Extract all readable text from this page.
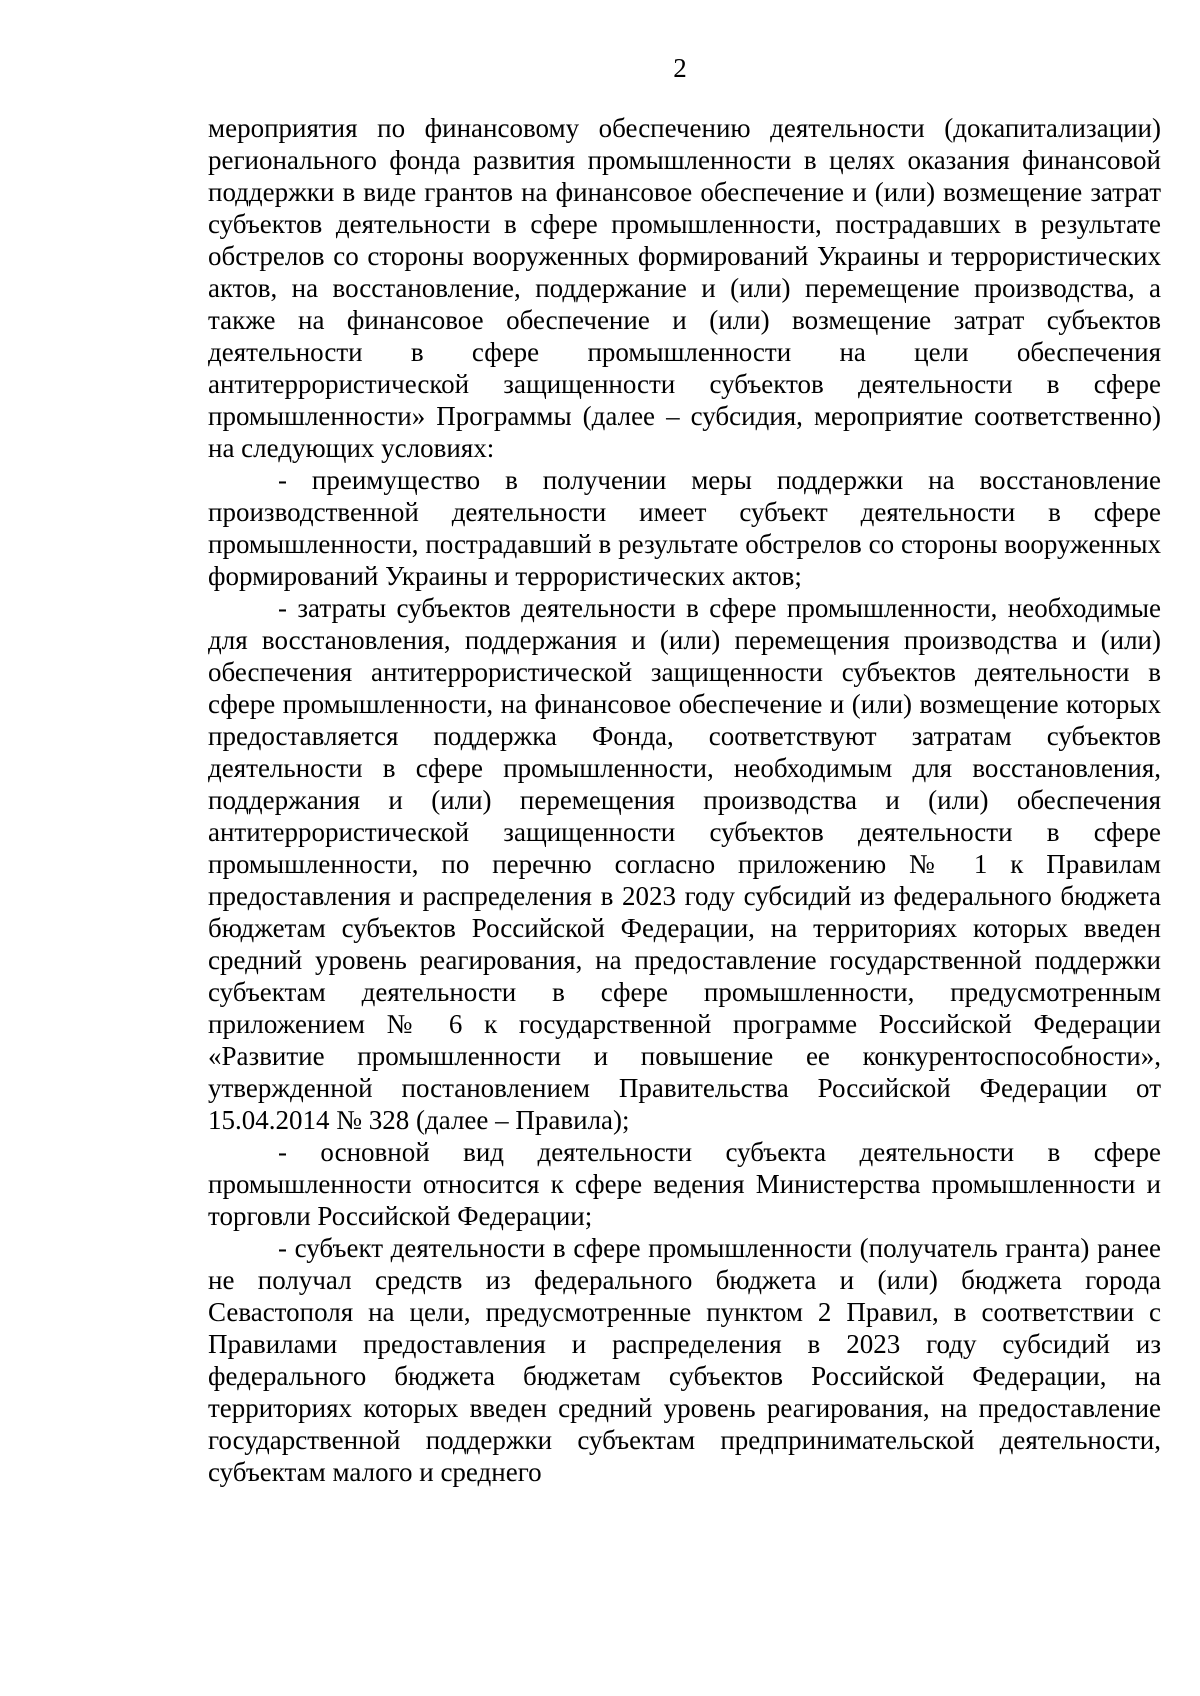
2

мероприятия по финансовому обеспечению деятельности (докапитализации) регионального фонда развития промышленности в целях оказания финансовой поддержки в виде грантов на финансовое обеспечение и (или) возмещение затрат субъектов деятельности в сфере промышленности, пострадавших в результате обстрелов со стороны вооруженных формирований Украины и террористических актов, на восстановление, поддержание и (или) перемещение производства, а также на финансовое обеспечение и (или) возмещение затрат субъектов деятельности в сфере промышленности на цели обеспечения антитеррористической защищенности субъектов деятельности в сфере промышленности» Программы (далее – субсидия, мероприятие соответственно) на следующих условиях:

- преимущество в получении меры поддержки на восстановление производственной деятельности имеет субъект деятельности в сфере промышленности, пострадавший в результате обстрелов со стороны вооруженных формирований Украины и террористических актов;

- затраты субъектов деятельности в сфере промышленности, необходимые для восстановления, поддержания и (или) перемещения производства и (или) обеспечения антитеррористической защищенности субъектов деятельности в сфере промышленности, на финансовое обеспечение и (или) возмещение которых предоставляется поддержка Фонда, соответствуют затратам субъектов деятельности в сфере промышленности, необходимым для восстановления, поддержания и (или) перемещения производства и (или) обеспечения антитеррористической защищенности субъектов деятельности в сфере промышленности, по перечню согласно приложению № 1 к Правилам предоставления и распределения в 2023 году субсидий из федерального бюджета бюджетам субъектов Российской Федерации, на территориях которых введен средний уровень реагирования, на предоставление государственной поддержки субъектам деятельности в сфере промышленности, предусмотренным приложением № 6 к государственной программе Российской Федерации «Развитие промышленности и повышение ее конкурентоспособности», утвержденной постановлением Правительства Российской Федерации от 15.04.2014 № 328 (далее – Правила);

- основной вид деятельности субъекта деятельности в сфере промышленности относится к сфере ведения Министерства промышленности и торговли Российской Федерации;

- субъект деятельности в сфере промышленности (получатель гранта) ранее не получал средств из федерального бюджета и (или) бюджета города Севастополя на цели, предусмотренные пунктом 2 Правил, в соответствии с Правилами предоставления и распределения в 2023 году субсидий из федерального бюджета бюджетам субъектов Российской Федерации, на территориях которых введен средний уровень реагирования, на предоставление государственной поддержки субъектам предпринимательской деятельности, субъектам малого и среднего
